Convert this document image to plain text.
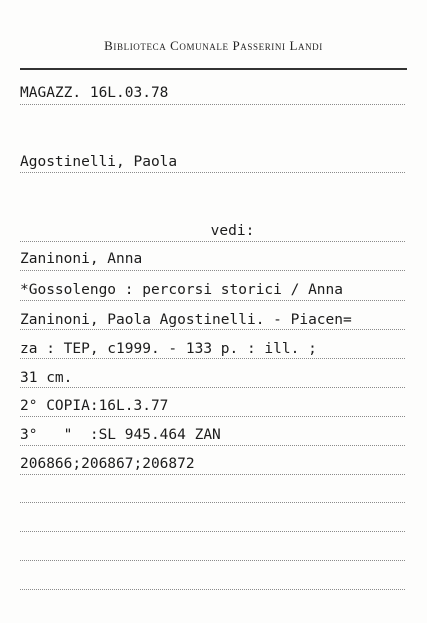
Biblioteca Comunale Passerini Landi
MAGAZZ. 16L.03.78
Agostinelli, Paola
vedi:
Zaninoni, Anna
*Gossolengo : percorsi storici / Anna
Zaninoni, Paola Agostinelli. - Piacen=
za : TEP, c1999. - 133 p. : ill. ;
31 cm.
2° COPIA:16L.3.77
3°   "  :SL 945.464 ZAN
206866;206867;206872
